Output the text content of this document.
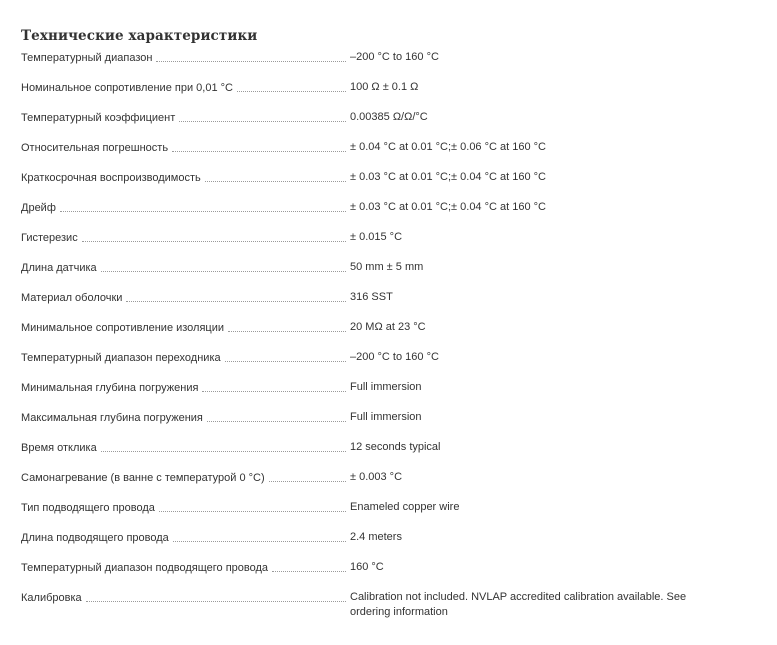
Технические характеристики
Температурный диапазон	–200 °C to 160 °C
Номинальное сопротивление при 0,01 °C	100 Ω ± 0.1 Ω
Температурный коэффициент	0.00385 Ω/Ω/°C
Относительная погрешность	± 0.04 °C at 0.01 °C;± 0.06 °C at 160 °C
Краткосрочная воспроизводимость	± 0.03 °C at 0.01 °C;± 0.04 °C at 160 °C
Дрейф	± 0.03 °C at 0.01 °C;± 0.04 °C at 160 °C
Гистерезис	± 0.015 °C
Длина датчика	50 mm ± 5 mm
Материал оболочки	316 SST
Минимальное сопротивление изоляции	20 MΩ at 23 °C
Температурный диапазон переходника	–200 °C to 160 °C
Минимальная глубина погружения	Full immersion
Максимальная глубина погружения	Full immersion
Время отклика	12 seconds typical
Самонагревание (в ванне с температурой 0 °C)	± 0.003 °C
Тип подводящего провода	Enameled copper wire
Длина подводящего провода	2.4 meters
Температурный диапазон подводящего провода	160 °C
Калибровка	Calibration not included. NVLAP accredited calibration available. See ordering information
